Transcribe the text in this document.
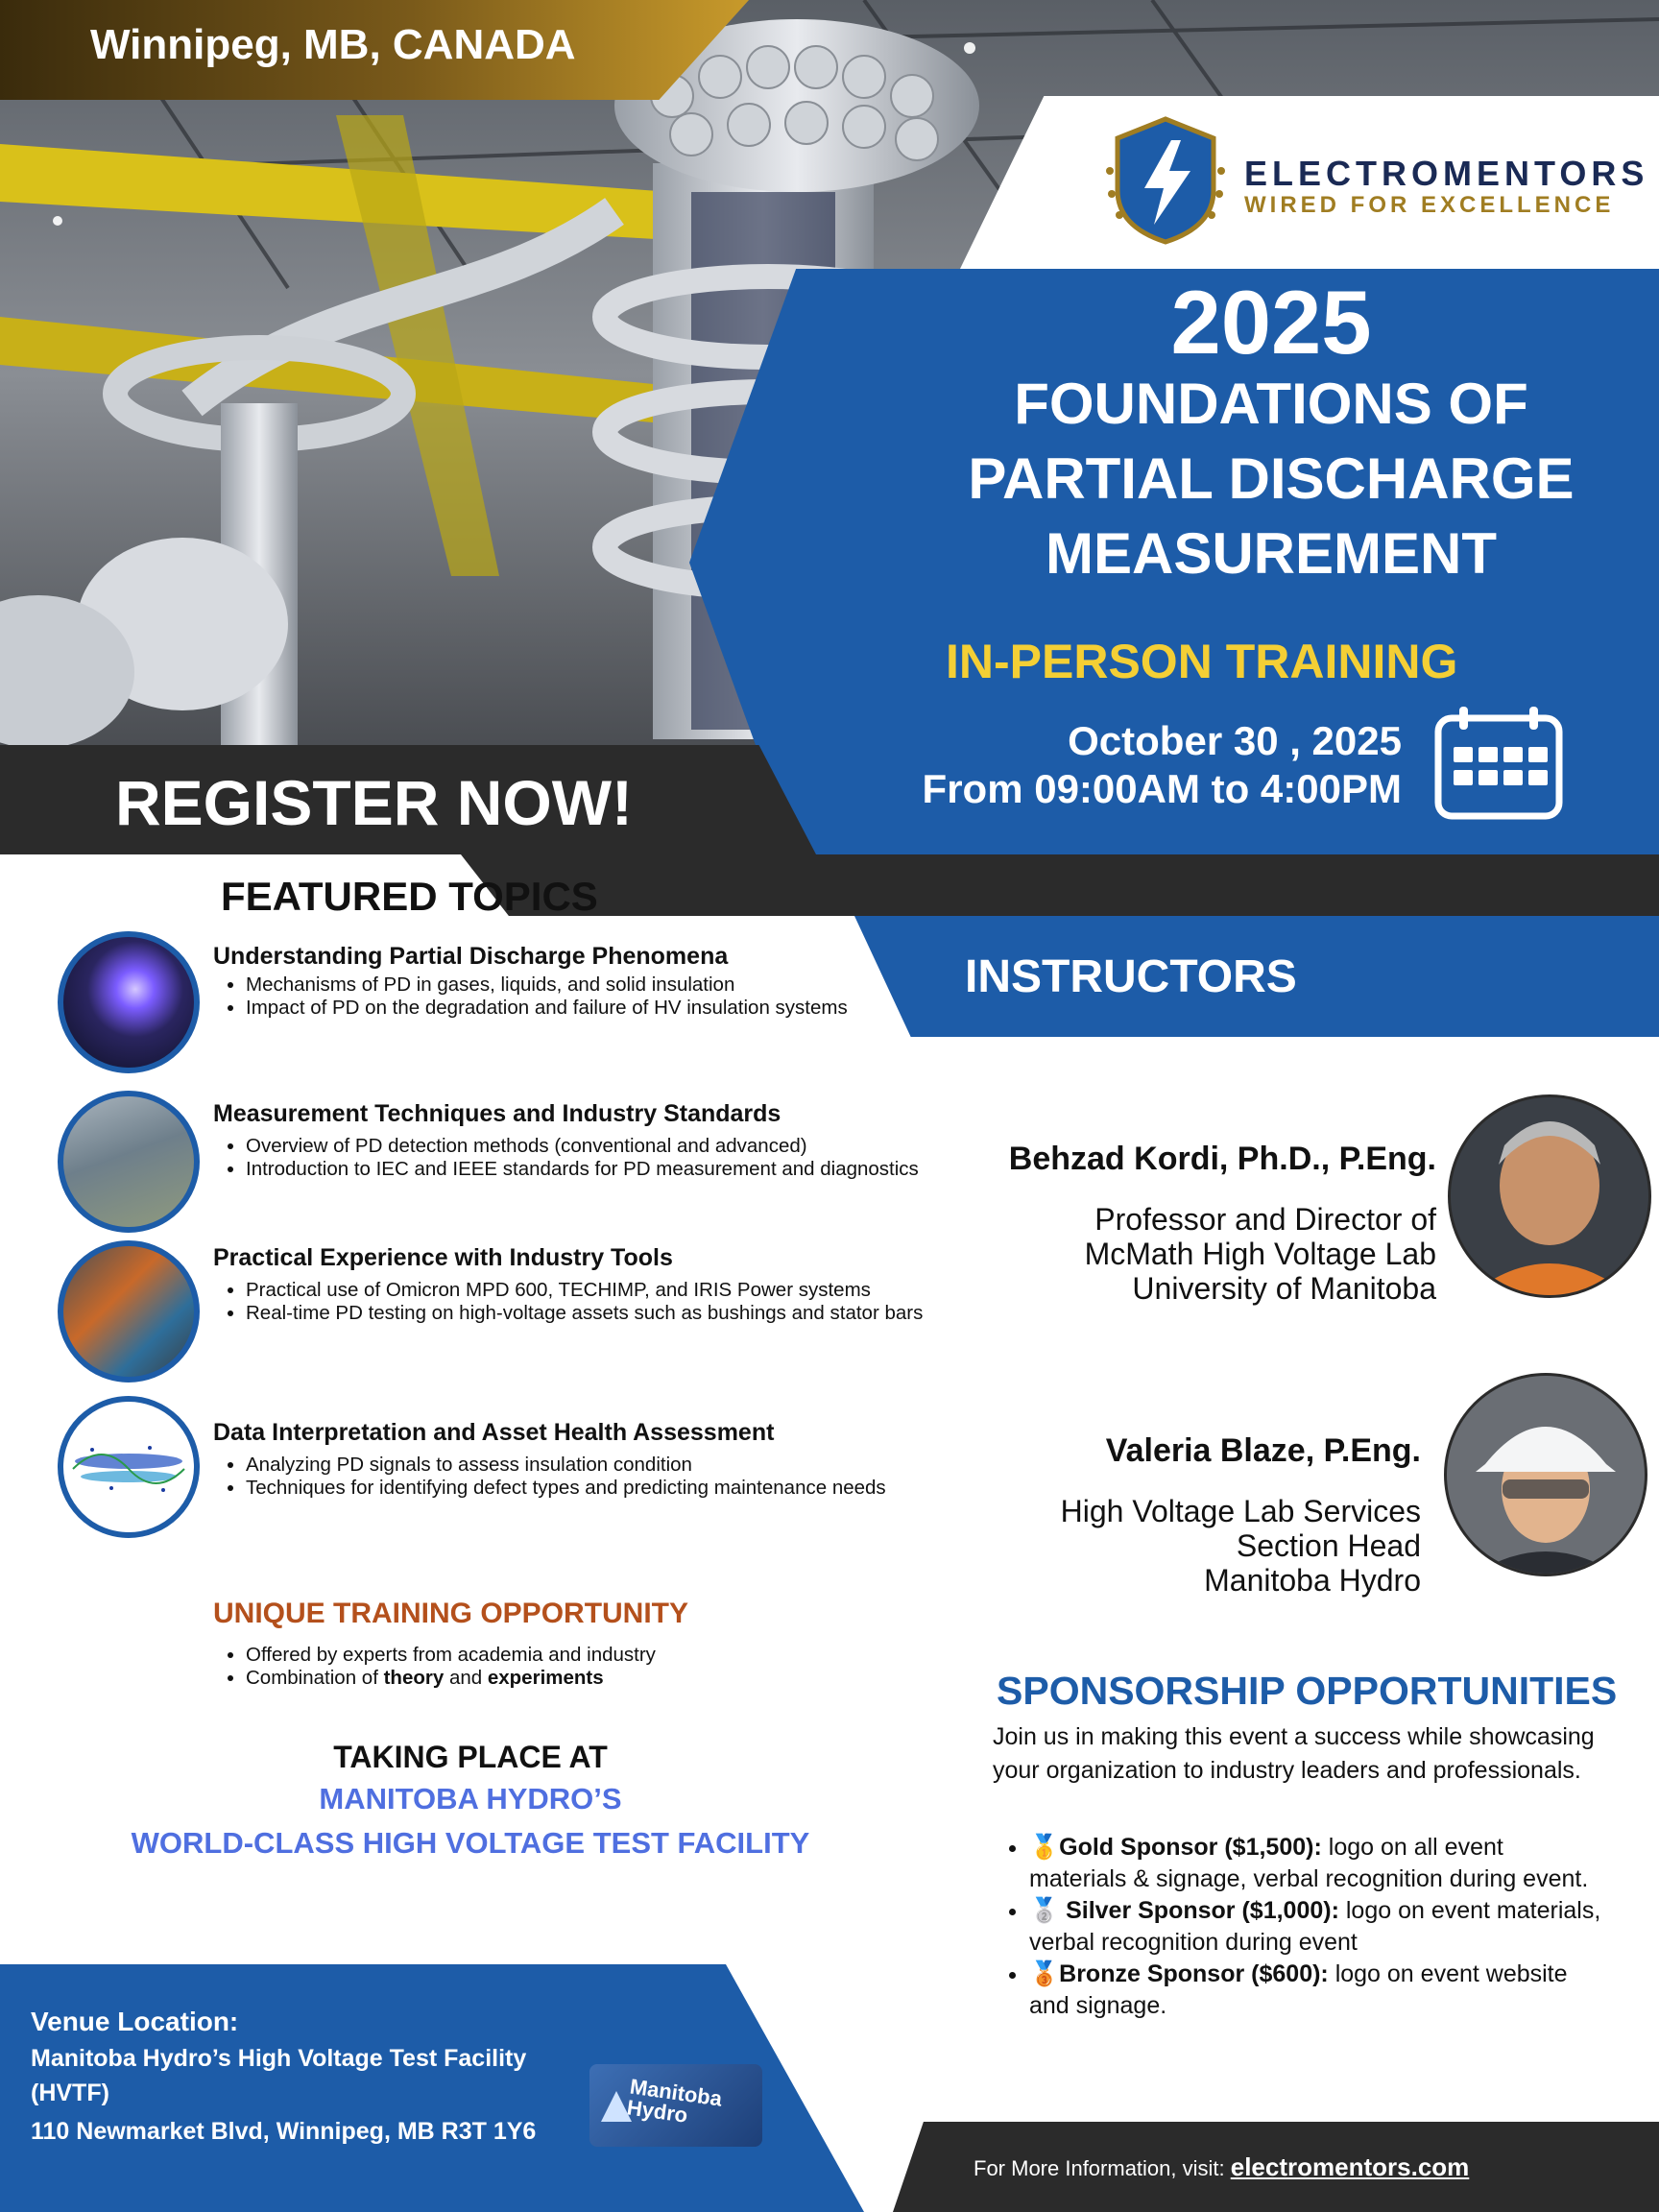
Winnipeg, MB, CANADA
ELECTROMENTORS
WIRED FOR EXCELLENCE
2025
FOUNDATIONS OF
PARTIAL DISCHARGE
MEASUREMENT
IN-PERSON TRAINING
October 30 , 2025
From 09:00AM to 4:00PM
REGISTER NOW!
INSTRUCTORS
FEATURED TOPICS
Understanding Partial Discharge Phenomena
• Mechanisms of PD in gases, liquids, and solid insulation
• Impact of PD on the degradation and failure of HV insulation systems
Measurement Techniques and Industry Standards
• Overview of PD detection methods (conventional and advanced)
• Introduction to IEC and IEEE standards for PD measurement and diagnostics
Practical Experience with Industry Tools
• Practical use of Omicron MPD 600, TECHIMP, and IRIS Power systems
• Real-time PD testing on high-voltage assets such as bushings and stator bars
Data Interpretation and Asset Health Assessment
• Analyzing PD signals to assess insulation condition
• Techniques for identifying defect types and predicting maintenance needs
UNIQUE TRAINING OPPORTUNITY
• Offered by experts from academia and industry
• Combination of theory and experiments
TAKING PLACE AT
MANITOBA HYDRO’S
WORLD-CLASS HIGH VOLTAGE TEST FACILITY
Venue Location:
Manitoba Hydro’s High Voltage Test Facility
(HVTF)
110 Newmarket Blvd, Winnipeg, MB R3T 1Y6
Manitoba Hydro
Behzad Kordi, Ph.D., P.Eng.
Professor and Director of
McMath High Voltage Lab
University of Manitoba
Valeria Blaze, P.Eng.
High Voltage Lab Services
Section Head
Manitoba Hydro
SPONSORSHIP OPPORTUNITIES
Join us in making this event a success while showcasing your organization to industry leaders and professionals.
• 🥇Gold Sponsor ($1,500): logo on all event materials & signage, verbal recognition during event.
• 🥈 Silver Sponsor ($1,000): logo on event materials, verbal recognition during event
• 🥉Bronze Sponsor ($600): logo on event website and signage.
For More Information, visit: electromentors.com
